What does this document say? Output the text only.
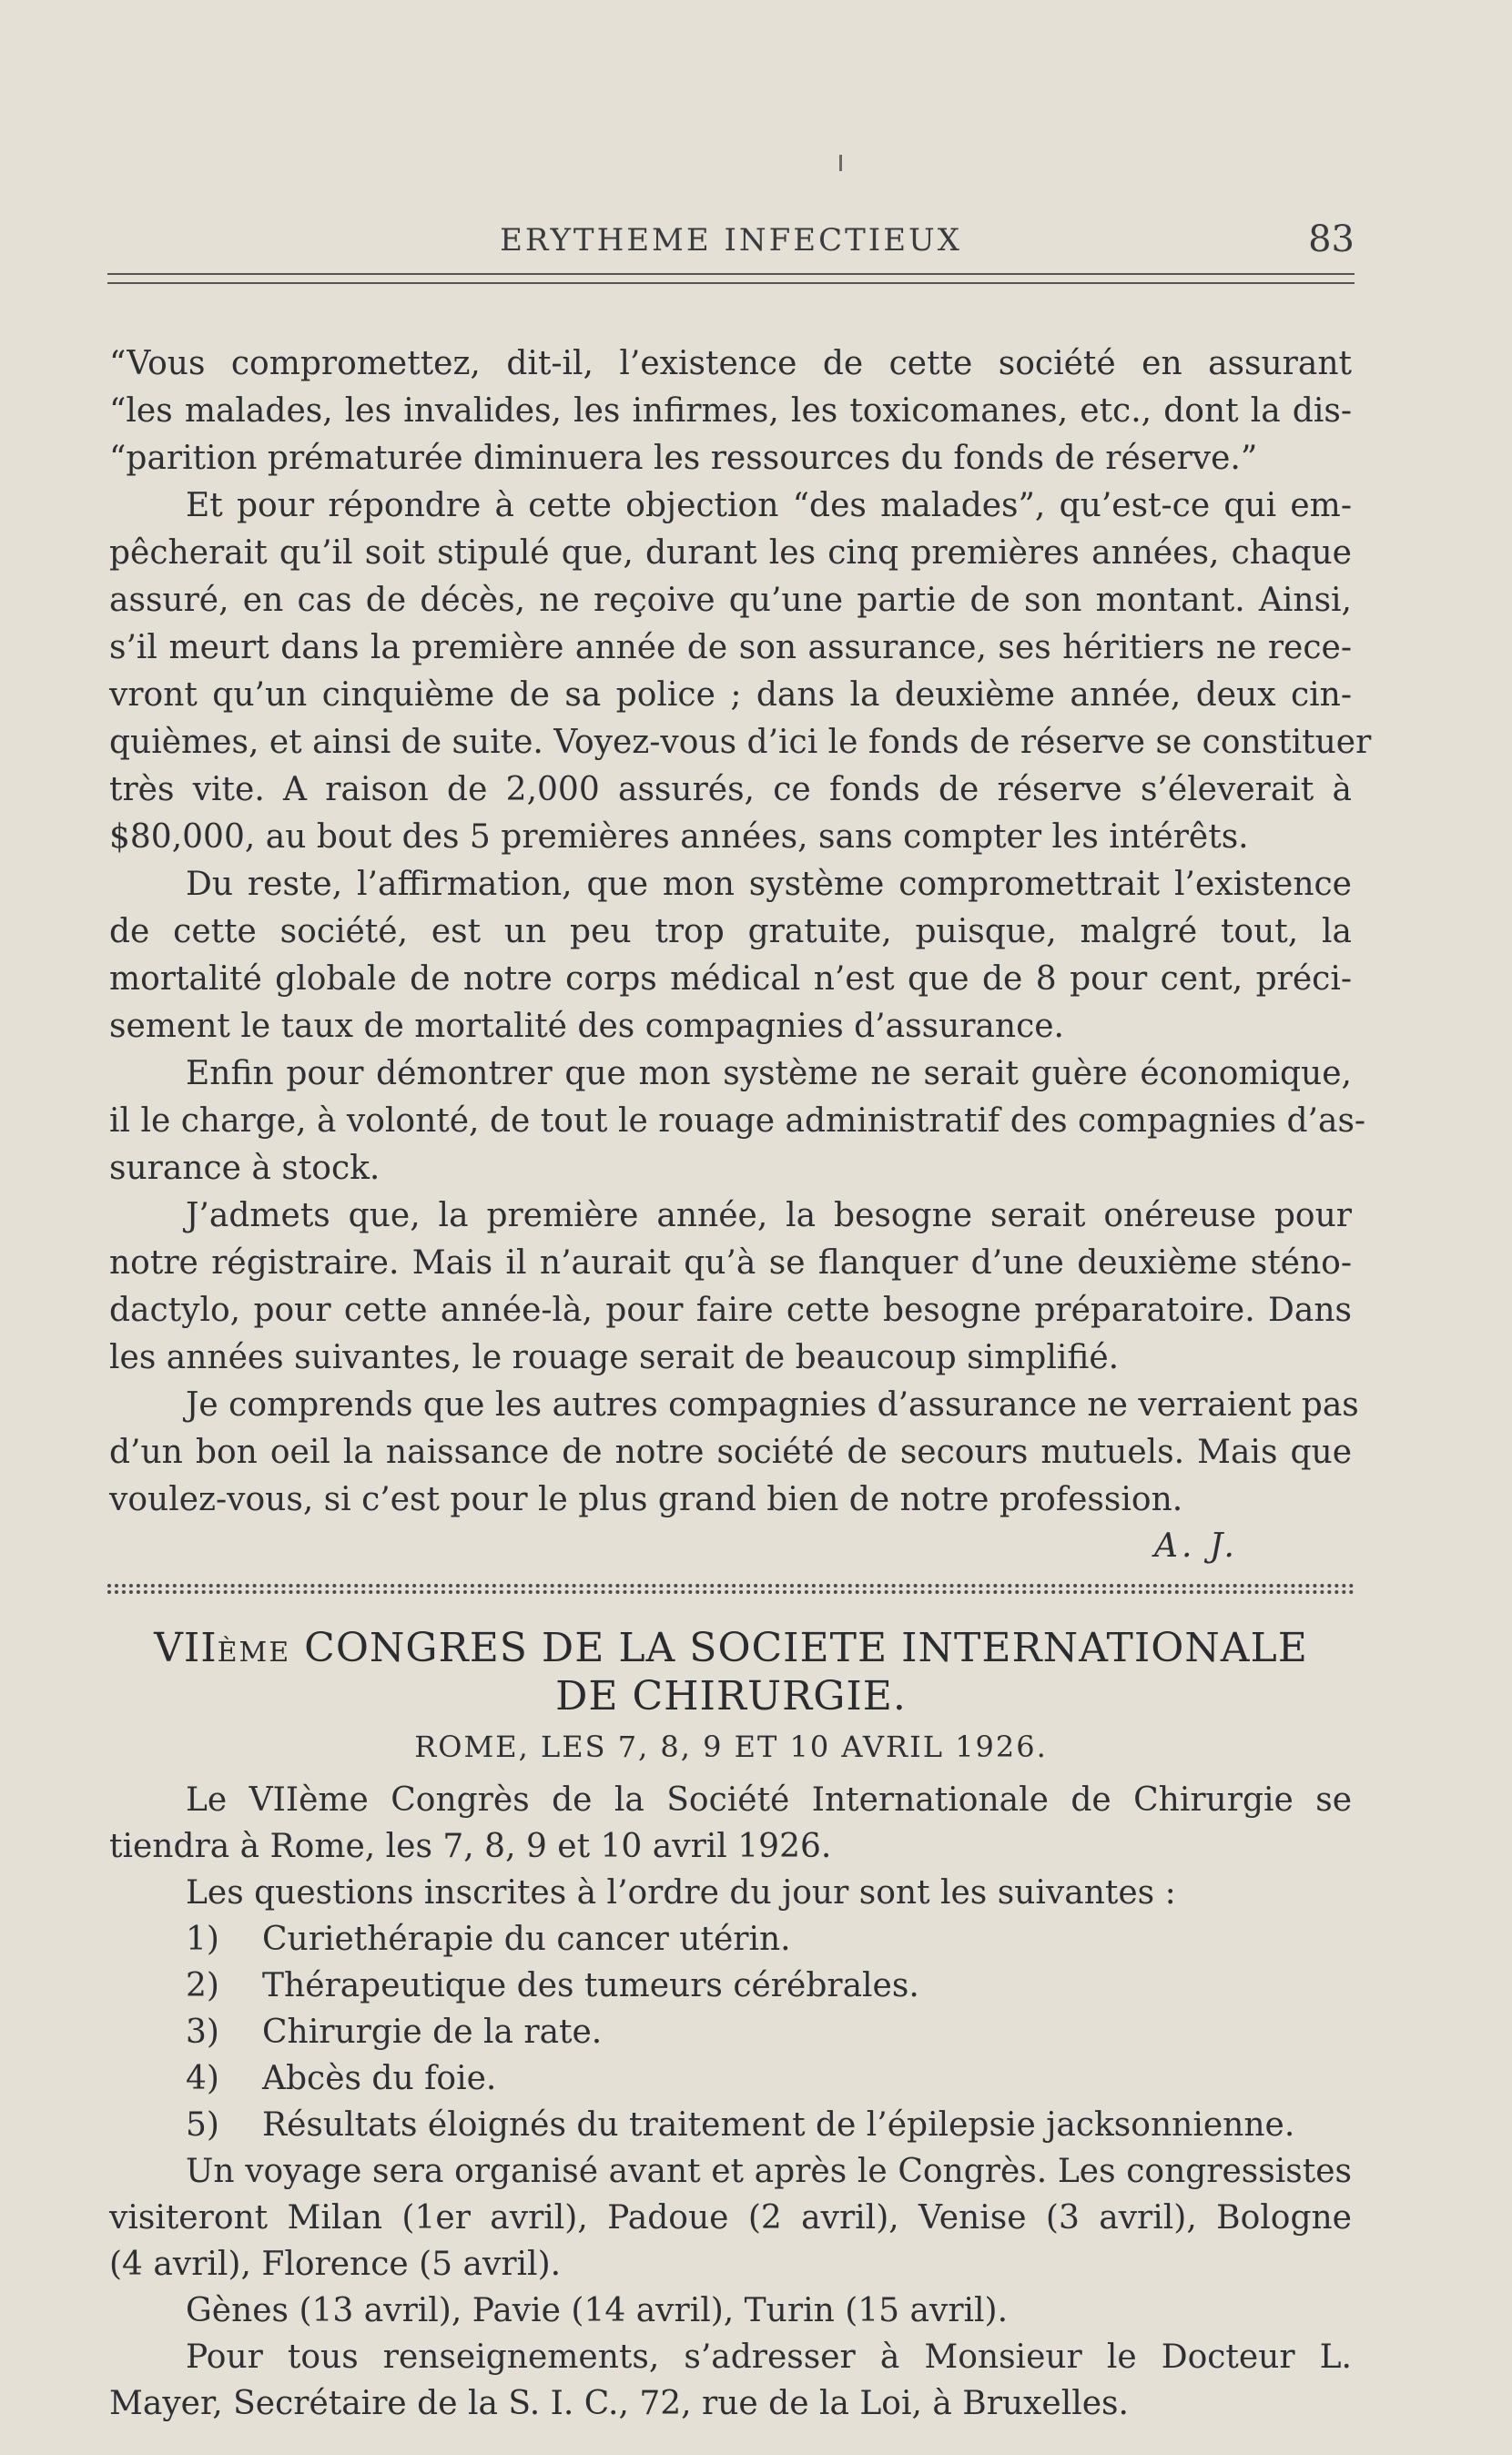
ERYTHEME INFECTIEUX	83
“Vous compromettez, dit-il, l’existence de cette société en assurant
“les malades, les invalides, les infirmes, les toxicomanes, etc., dont la dis-
“parition prématurée diminuera les ressources du fonds de réserve.”
Et pour répondre à cette objection “des malades”, qu’est-ce qui em-
pêcherait qu’il soit stipulé que, durant les cinq premières années, chaque
assuré, en cas de décès, ne reçoive qu’une partie de son montant. Ainsi,
s’il meurt dans la première année de son assurance, ses héritiers ne rece-
vront qu’un cinquième de sa police ; dans la deuxième année, deux cin-
quièmes, et ainsi de suite. Voyez-vous d’ici le fonds de réserve se constituer
très vite. A raison de 2,000 assurés, ce fonds de réserve s’éleverait à
$80,000, au bout des 5 premières années, sans compter les intérêts.
Du reste, l’affirmation, que mon système compromettrait l’existence
de cette société, est un peu trop gratuite, puisque, malgré tout, la
mortalité globale de notre corps médical n’est que de 8 pour cent, préci-
sement le taux de mortalité des compagnies d’assurance.
Enfin pour démontrer que mon système ne serait guère économique,
il le charge, à volonté, de tout le rouage administratif des compagnies d’as-
surance à stock.
J’admets que, la première année, la besogne serait onéreuse pour
notre régistraire. Mais il n’aurait qu’à se flanquer d’une deuxième sténo-
dactylo, pour cette année-là, pour faire cette besogne préparatoire. Dans
les années suivantes, le rouage serait de beaucoup simplifié.
Je comprends que les autres compagnies d’assurance ne verraient pas
d’un bon oeil la naissance de notre société de secours mutuels. Mais que
voulez-vous, si c’est pour le plus grand bien de notre profession.
A. J.
VIIÈME CONGRES DE LA SOCIETE INTERNATIONALE
DE CHIRURGIE.
ROME, LES 7, 8, 9 ET 10 AVRIL 1926.
Le VIIème Congrès de la Société Internationale de Chirurgie se
tiendra à Rome, les 7, 8, 9 et 10 avril 1926.
Les questions inscrites à l’ordre du jour sont les suivantes :
1) Curiethérapie du cancer utérin.
2) Thérapeutique des tumeurs cérébrales.
3) Chirurgie de la rate.
4) Abcès du foie.
5) Résultats éloignés du traitement de l’épilepsie jacksonnienne.
Un voyage sera organisé avant et après le Congrès. Les congressistes
visiteront Milan (1er avril), Padoue (2 avril), Venise (3 avril), Bologne
(4 avril), Florence (5 avril).
Gènes (13 avril), Pavie (14 avril), Turin (15 avril).
Pour tous renseignements, s’adresser à Monsieur le Docteur L.
Mayer, Secrétaire de la S. I. C., 72, rue de la Loi, à Bruxelles.
